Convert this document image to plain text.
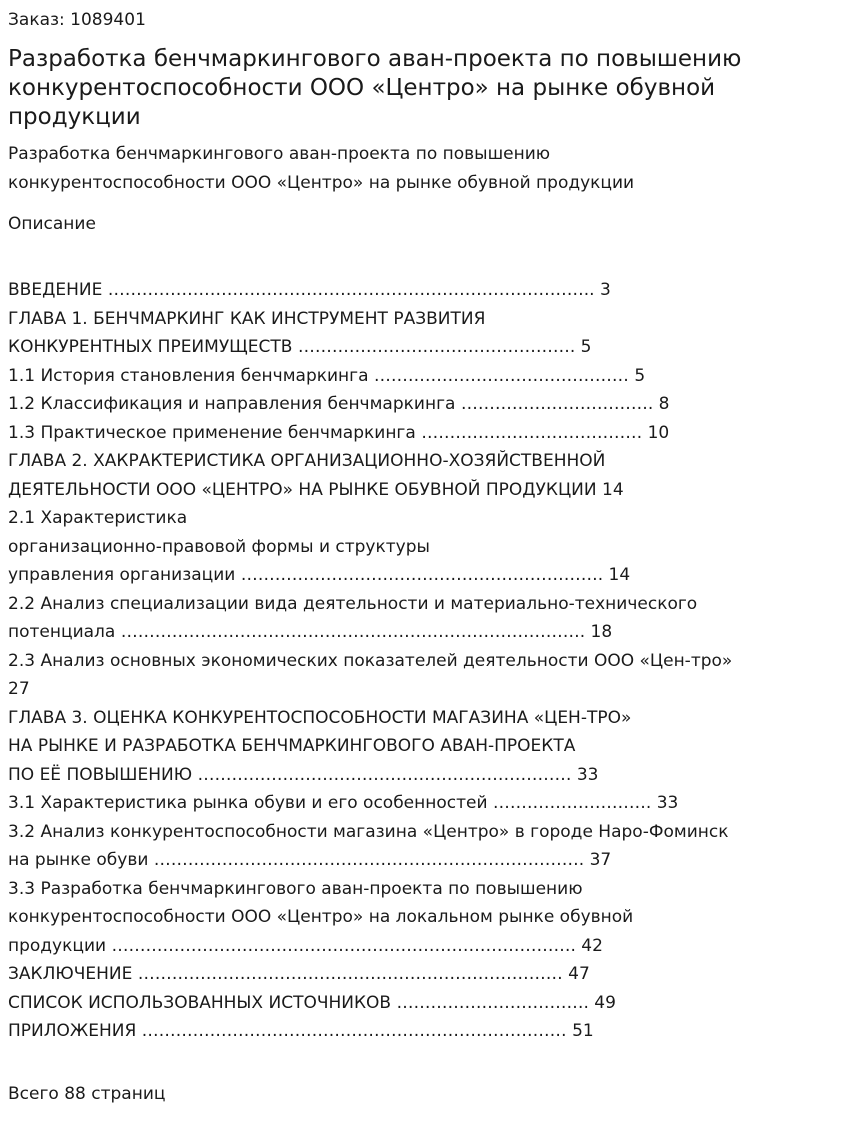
Заказ: 1089401

Разработка бенчмаркингового аван-проекта по повышению конкурентоспособности ООО «Центро» на рынке обувной продукции
Разработка бенчмаркингового аван-проекта по повышению
конкурентоспособности ООО «Центро» на рынке обувной продукции

Описание

ВВЕДЕНИЕ ………………………………………………………………………….. 3
ГЛАВА 1. БЕНЧМАРКИНГ КАК ИНСТРУМЕНТ РАЗВИТИЯ
КОНКУРЕНТНЫХ ПРЕИМУЩЕСТВ …………………………………………. 5
1.1 История становления бенчмаркинга ……………………………………… 5
1.2 Классификация и направления бенчмаркинга ……………………………. 8
1.3 Практическое применение бенчмаркинга ………………………………… 10
ГЛАВА 2. ХАКРАКТЕРИСТИКА ОРГАНИЗАЦИОННО-ХОЗЯЙСТВЕННОЙ
ДЕЯТЕЛЬНОСТИ ООО «ЦЕНТРО» НА РЫНКЕ ОБУВНОЙ ПРОДУКЦИИ 14
2.1 Характеристика
организационно-правовой формы и структуры
управления организации ………………………………………………………. 14
2.2 Анализ специализации вида деятельности и материально-технического
потенциала ………………………………………………………………………. 18
2.3 Анализ основных экономических показателей деятельности ООО «Цен-тро»
27
ГЛАВА 3. ОЦЕНКА КОНКУРЕНТОСПОСОБНОСТИ МАГАЗИНА «ЦЕН-ТРО»
НА РЫНКЕ И РАЗРАБОТКА БЕНЧМАРКИНГОВОГО АВАН-ПРОЕКТА
ПО ЕЁ ПОВЫШЕНИЮ ………………………………………………………… 33
3.1 Характеристика рынка обуви и его особенностей ………………………. 33
3.2 Анализ конкурентоспособности магазина «Центро» в городе Наро-Фоминск
на рынке обуви …………………………………………………………………. 37
3.3 Разработка бенчмаркингового аван-проекта по повышению
конкурентоспособности ООО «Центро» на локальном рынке обувной
продукции ………………………………………………………………………. 42
ЗАКЛЮЧЕНИЕ ………………………………………………………………… 47
СПИСОК ИСПОЛЬЗОВАННЫХ ИСТОЧНИКОВ ……………………………. 49
ПРИЛОЖЕНИЯ ………………………………………………………………… 51

Всего 88 страниц
